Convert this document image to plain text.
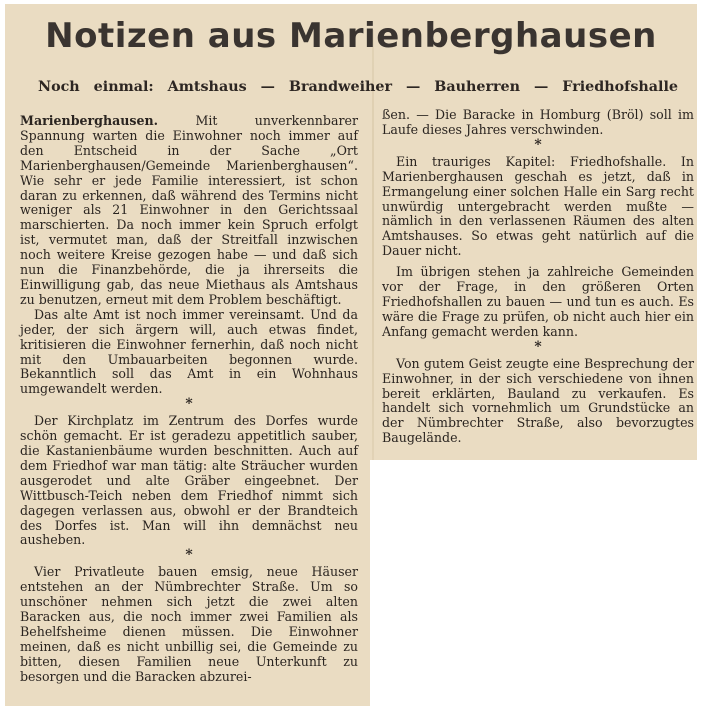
Notizen aus Marienberghausen
Noch einmal: Amtshaus — Brandweiher — Bauherren — Friedhofshalle

Marienberghausen.	Mit unverkennbarer Spannung warten die Einwohner noch immer auf den Entscheid in der Sache „Ort Marienberghausen/Gemeinde Marienberghausen“. Wie sehr er jede Familie interessiert, ist schon daran zu erkennen, daß während des Termins nicht weniger als 21 Einwohner in den Gerichtssaal marschierten. Da noch immer kein Spruch erfolgt ist, vermutet man, daß der Streitfall inzwischen noch weitere Kreise gezogen habe — und daß sich nun die Finanzbehörde, die ja ihrerseits die Einwilligung gab, das neue Miethaus als Amtshaus zu benutzen, erneut mit dem Problem beschäftigt.

Das alte Amt ist noch immer vereinsamt. Und da jeder, der sich ärgern will, auch etwas findet, kritisieren die Einwohner fernerhin, daß noch nicht mit den Umbauarbeiten begonnen wurde. Bekanntlich soll das Amt in ein Wohnhaus umgewandelt werden.

*

Der Kirchplatz im Zentrum des Dorfes wurde schön gemacht. Er ist geradezu appetitlich sauber, die Kastanienbäume wurden beschnitten. Auch auf dem Friedhof war man tätig: alte Sträucher wurden ausgerodet und alte Gräber eingeebnet. Der Wittbusch-Teich neben dem Friedhof nimmt sich dagegen verlassen aus, obwohl er der Brandteich des Dorfes ist. Man will ihn demnächst neu ausheben.

*

Vier Privatleute bauen emsig, neue Häuser entstehen an der Nümbrechter Straße. Um so unschöner nehmen sich jetzt die zwei alten Baracken aus, die noch immer zwei Familien als Behelfsheime dienen müssen. Die Einwohner meinen, daß es nicht unbillig sei, die Gemeinde zu bitten, diesen Familien neue Unterkunft zu besorgen und die Baracken abzurei-

ßen. — Die Baracke in Homburg (Bröl) soll im Laufe dieses Jahres verschwinden.

*

Ein trauriges Kapitel: Friedhofshalle. In Marienberghausen geschah es jetzt, daß in Ermangelung einer solchen Halle ein Sarg recht unwürdig untergebracht werden mußte — nämlich in den verlassenen Räumen des alten Amtshauses. So etwas geht natürlich auf die Dauer nicht.

Im übrigen stehen ja zahlreiche Gemeinden vor der Frage, in den größeren Orten Friedhofshallen zu bauen — und tun es auch. Es wäre die Frage zu prüfen, ob nicht auch hier ein Anfang gemacht werden kann.

*

Von gutem Geist zeugte eine Besprechung der Einwohner, in der sich verschiedene von ihnen bereit erklärten, Bauland zu verkaufen. Es handelt sich vornehmlich um Grundstücke an der Nümbrechter Straße, also bevorzugtes Baugelände.
